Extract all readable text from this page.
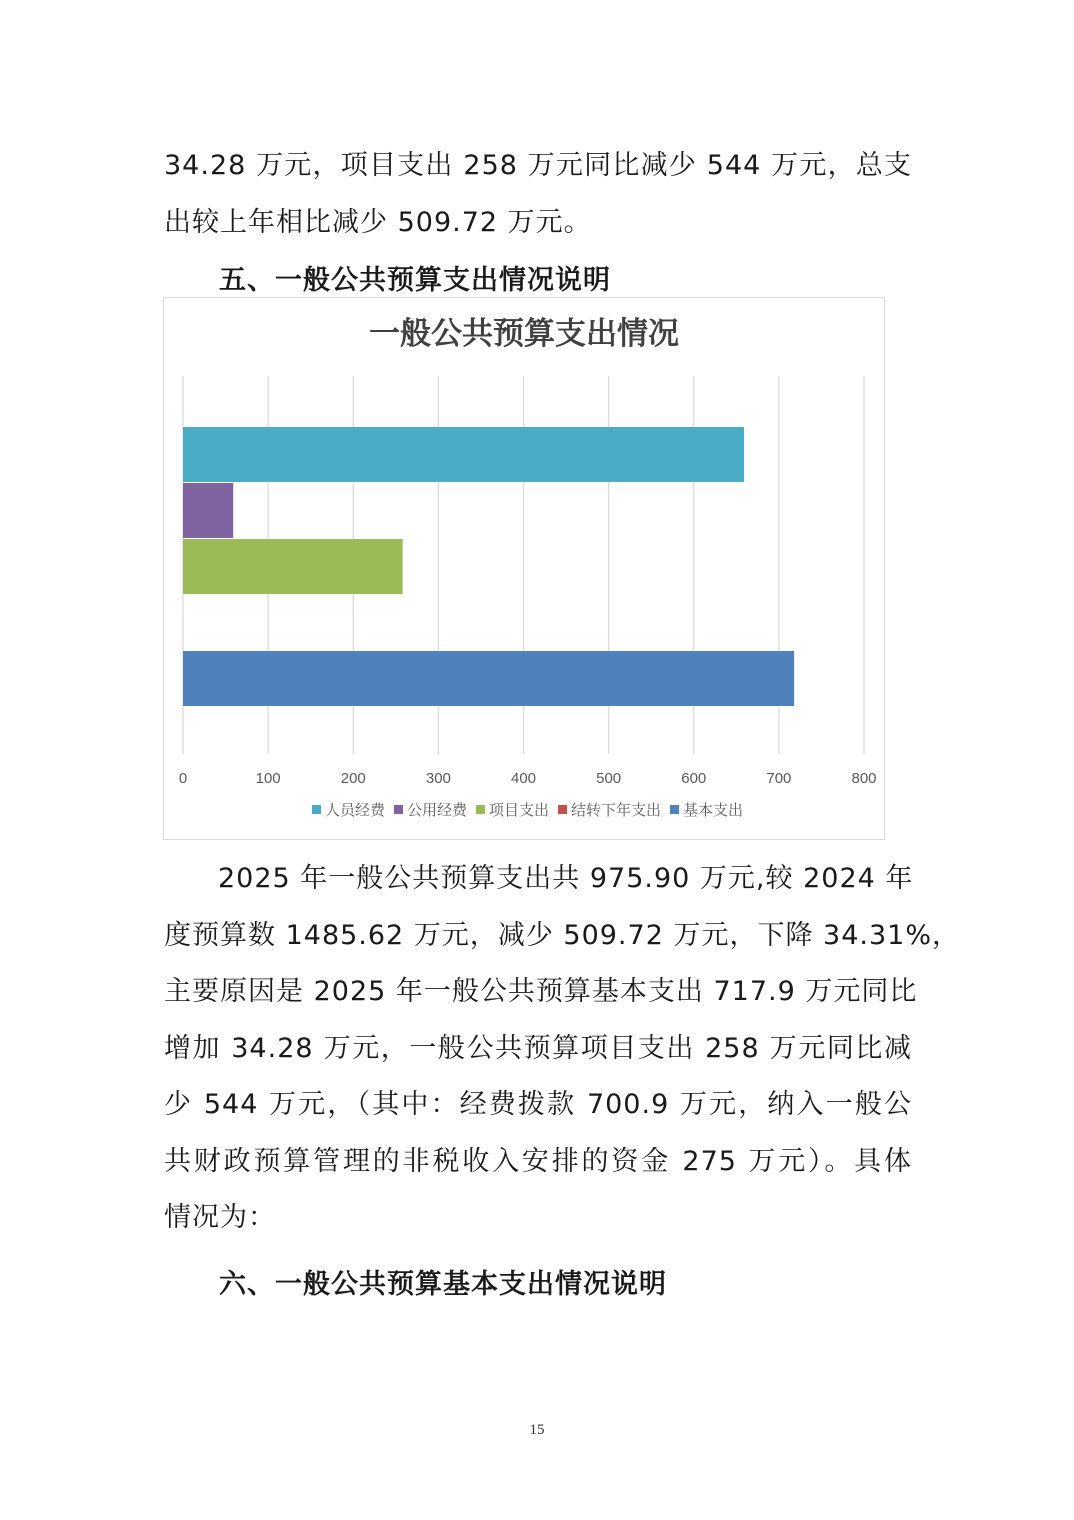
34.28 万元，项目支出 258 万元同比减少 544 万元，总支
出较上年相比减少 509.72 万元。
五、一般公共预算支出情况说明
一般公共预算支出情况
0	100	200	300	400	500	600	700	800
人员经费 公用经费 项目支出 结转下年支出 基本支出
2025 年一般公共预算支出共 975.90 万元,较 2024 年
度预算数 1485.62 万元，减少 509.72 万元，下降 34.31%，
主要原因是 2025 年一般公共预算基本支出 717.9 万元同比
增加 34.28 万元，一般公共预算项目支出 258 万元同比减
少 544 万元，（其中：经费拨款 700.9 万元，纳入一般公
共财政预算管理的非税收入安排的资金 275 万元）。具体
情况为：
六、一般公共预算基本支出情况说明
15
